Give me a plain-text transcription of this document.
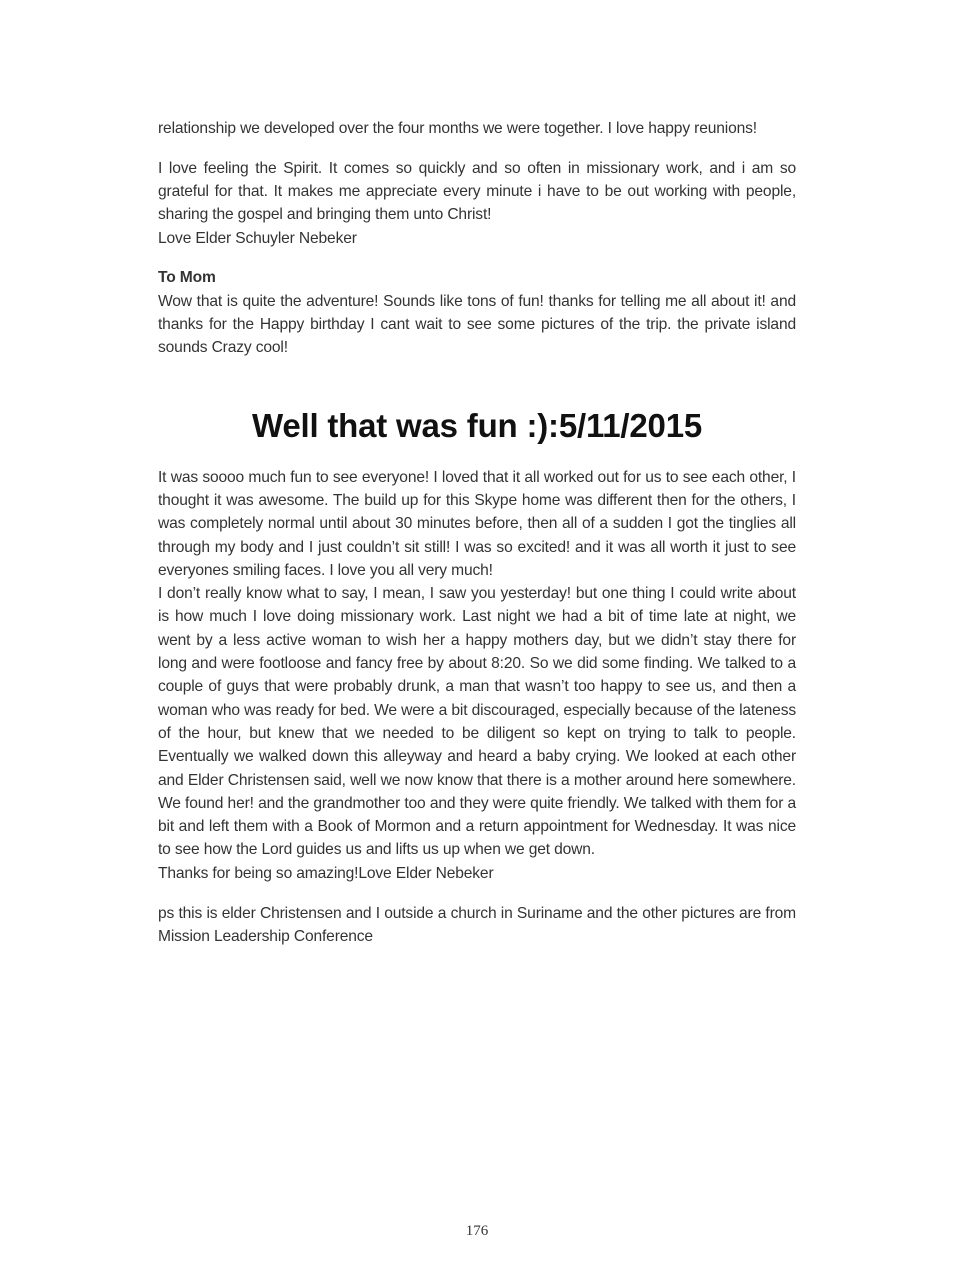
relationship we developed over the four months we were together. I love happy reunions!

I love feeling the Spirit. It comes so quickly and so often in missionary work, and i am so grateful for that. It makes me appreciate every minute i have to be out working with people, sharing the gospel and bringing them unto Christ!

Love Elder Schuyler Nebeker

To Mom

Wow that is quite the adventure! Sounds like tons of fun! thanks for telling me all about it! and thanks for the Happy birthday I cant wait to see some pictures of the trip. the private island sounds Crazy cool!

Well that was fun :):5/11/2015

It was soooo much fun to see everyone! I loved that it all worked out for us to see each other, I thought it was awesome. The build up for this Skype home was different then for the others, I was completely normal until about 30 minutes before, then all of a sudden I got the tinglies all through my body and I just couldn’t sit still! I was so excited! and it was all worth it just to see everyones smiling faces. I love you all very much!

I don’t really know what to say, I mean, I saw you yesterday! but one thing I could write about is how much I love doing missionary work. Last night we had a bit of time late at night, we went by a less active woman to wish her a happy mothers day, but we didn’t stay there for long and were footloose and fancy free by about 8:20. So we did some finding. We talked to a couple of guys that were probably drunk, a man that wasn’t too happy to see us, and then a woman who was ready for bed. We were a bit discouraged, especially because of the lateness of the hour, but knew that we needed to be diligent so kept on trying to talk to people. Eventually we walked down this alleyway and heard a baby crying. We looked at each other and Elder Christensen said, well we now know that there is a mother around here somewhere. We found her! and the grandmother too and they were quite friendly. We talked with them for a bit and left them with a Book of Mormon and a return appointment for Wednesday. It was nice to see how the Lord guides us and lifts us up when we get down.

Thanks for being so amazing!Love Elder Nebeker

ps this is elder Christensen and I outside a church in Suriname and the other pictures are from Mission Leadership Conference

176
